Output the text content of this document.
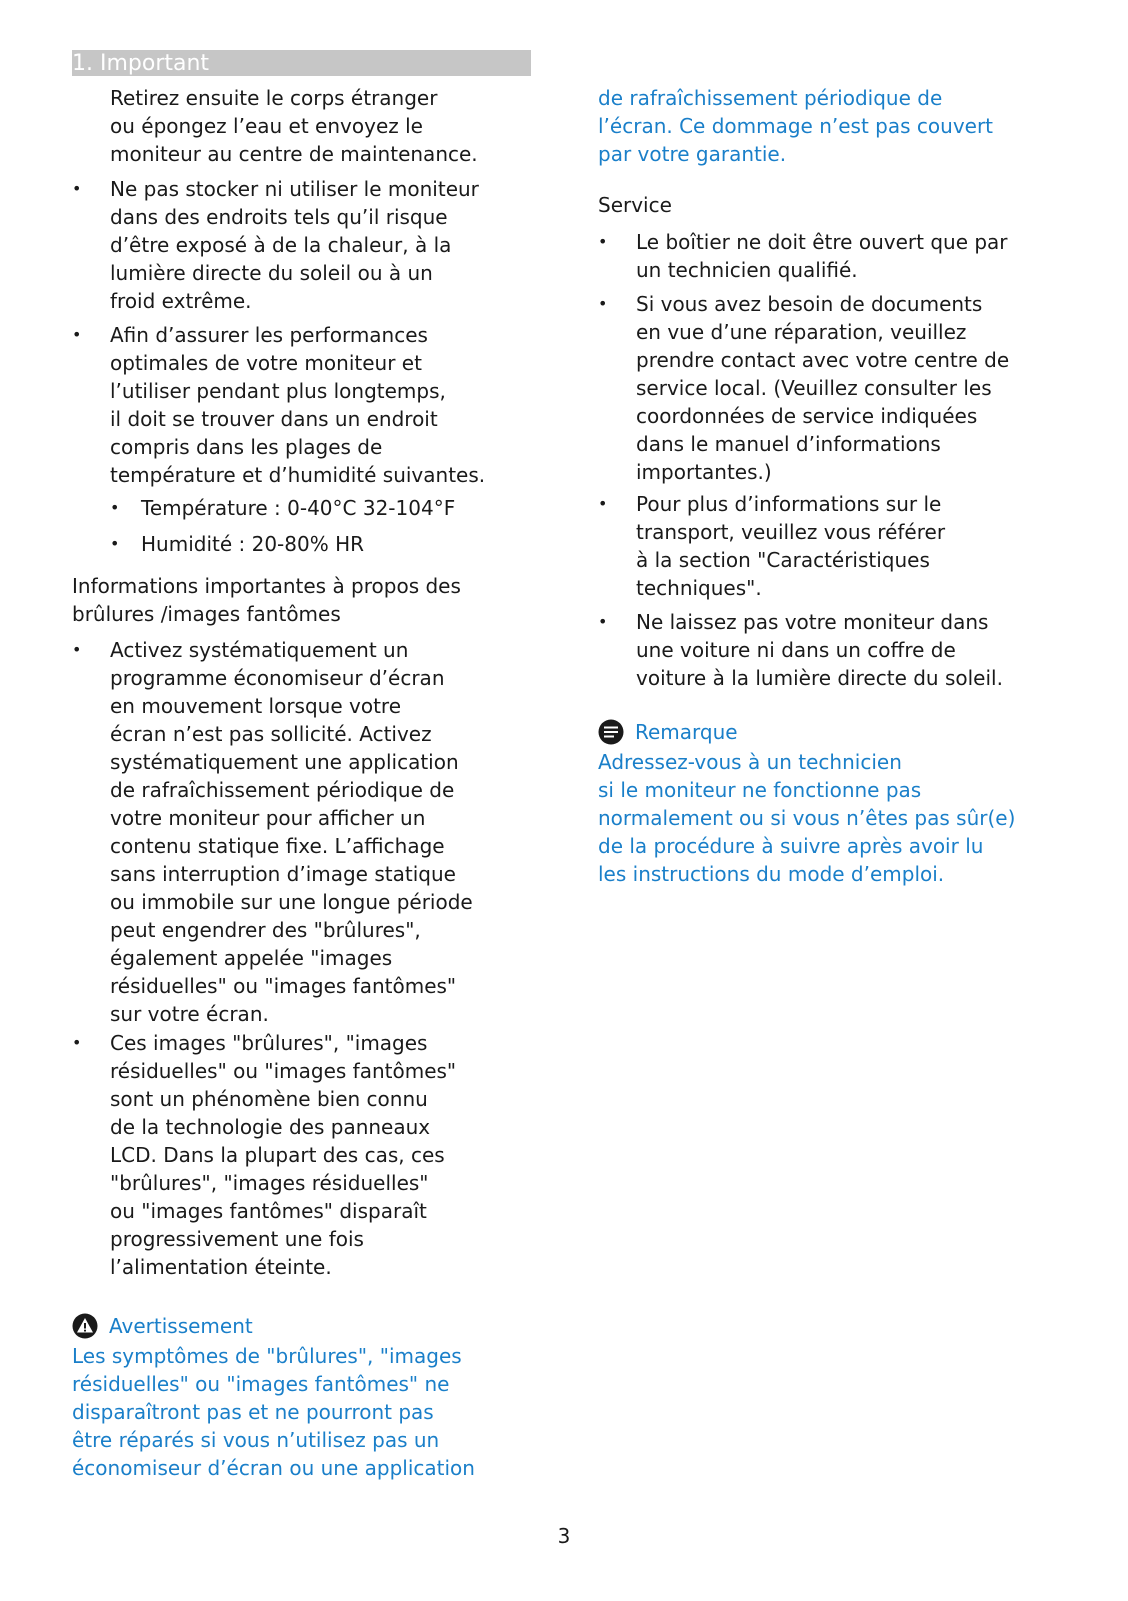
1. Important

Retirez ensuite le corps étranger
ou épongez l’eau et envoyez le
moniteur au centre de maintenance.

• Ne pas stocker ni utiliser le moniteur
dans des endroits tels qu’il risque
d’être exposé à de la chaleur, à la
lumière directe du soleil ou à un
froid extrême.

• Afin d’assurer les performances
optimales de votre moniteur et
l’utiliser pendant plus longtemps,
il doit se trouver dans un endroit
compris dans les plages de
température et d’humidité suivantes.

• Température : 0-40°C 32-104°F

• Humidité : 20-80% HR

Informations importantes à propos des
brûlures /images fantômes

• Activez systématiquement un
programme économiseur d’écran
en mouvement lorsque votre
écran n’est pas sollicité. Activez
systématiquement une application
de rafraîchissement périodique de
votre moniteur pour afficher un
contenu statique fixe. L’affichage
sans interruption d’image statique
ou immobile sur une longue période
peut engendrer des "brûlures",
également appelée "images
résiduelles" ou "images fantômes"
sur votre écran.

• Ces images "brûlures", "images
résiduelles" ou "images fantômes"
sont un phénomène bien connu
de la technologie des panneaux
LCD. Dans la plupart des cas, ces
"brûlures", "images résiduelles"
ou "images fantômes" disparaît
progressivement une fois
l’alimentation éteinte.

Avertissement

Les symptômes de "brûlures", "images
résiduelles" ou "images fantômes" ne
disparaîtront pas et ne pourront pas
être réparés si vous n’utilisez pas un
économiseur d’écran ou une application

de rafraîchissement périodique de
l’écran. Ce dommage n’est pas couvert
par votre garantie.

Service

• Le boîtier ne doit être ouvert que par
un technicien qualifié.

• Si vous avez besoin de documents
en vue d’une réparation, veuillez
prendre contact avec votre centre de
service local. (Veuillez consulter les
coordonnées de service indiquées
dans le manuel d’informations
importantes.)

• Pour plus d’informations sur le
transport, veuillez vous référer
à la section "Caractéristiques
techniques".

• Ne laissez pas votre moniteur dans
une voiture ni dans un coffre de
voiture à la lumière directe du soleil.

Remarque

Adressez-vous à un technicien
si le moniteur ne fonctionne pas
normalement ou si vous n’êtes pas sûr(e)
de la procédure à suivre après avoir lu
les instructions du mode d’emploi.

3
